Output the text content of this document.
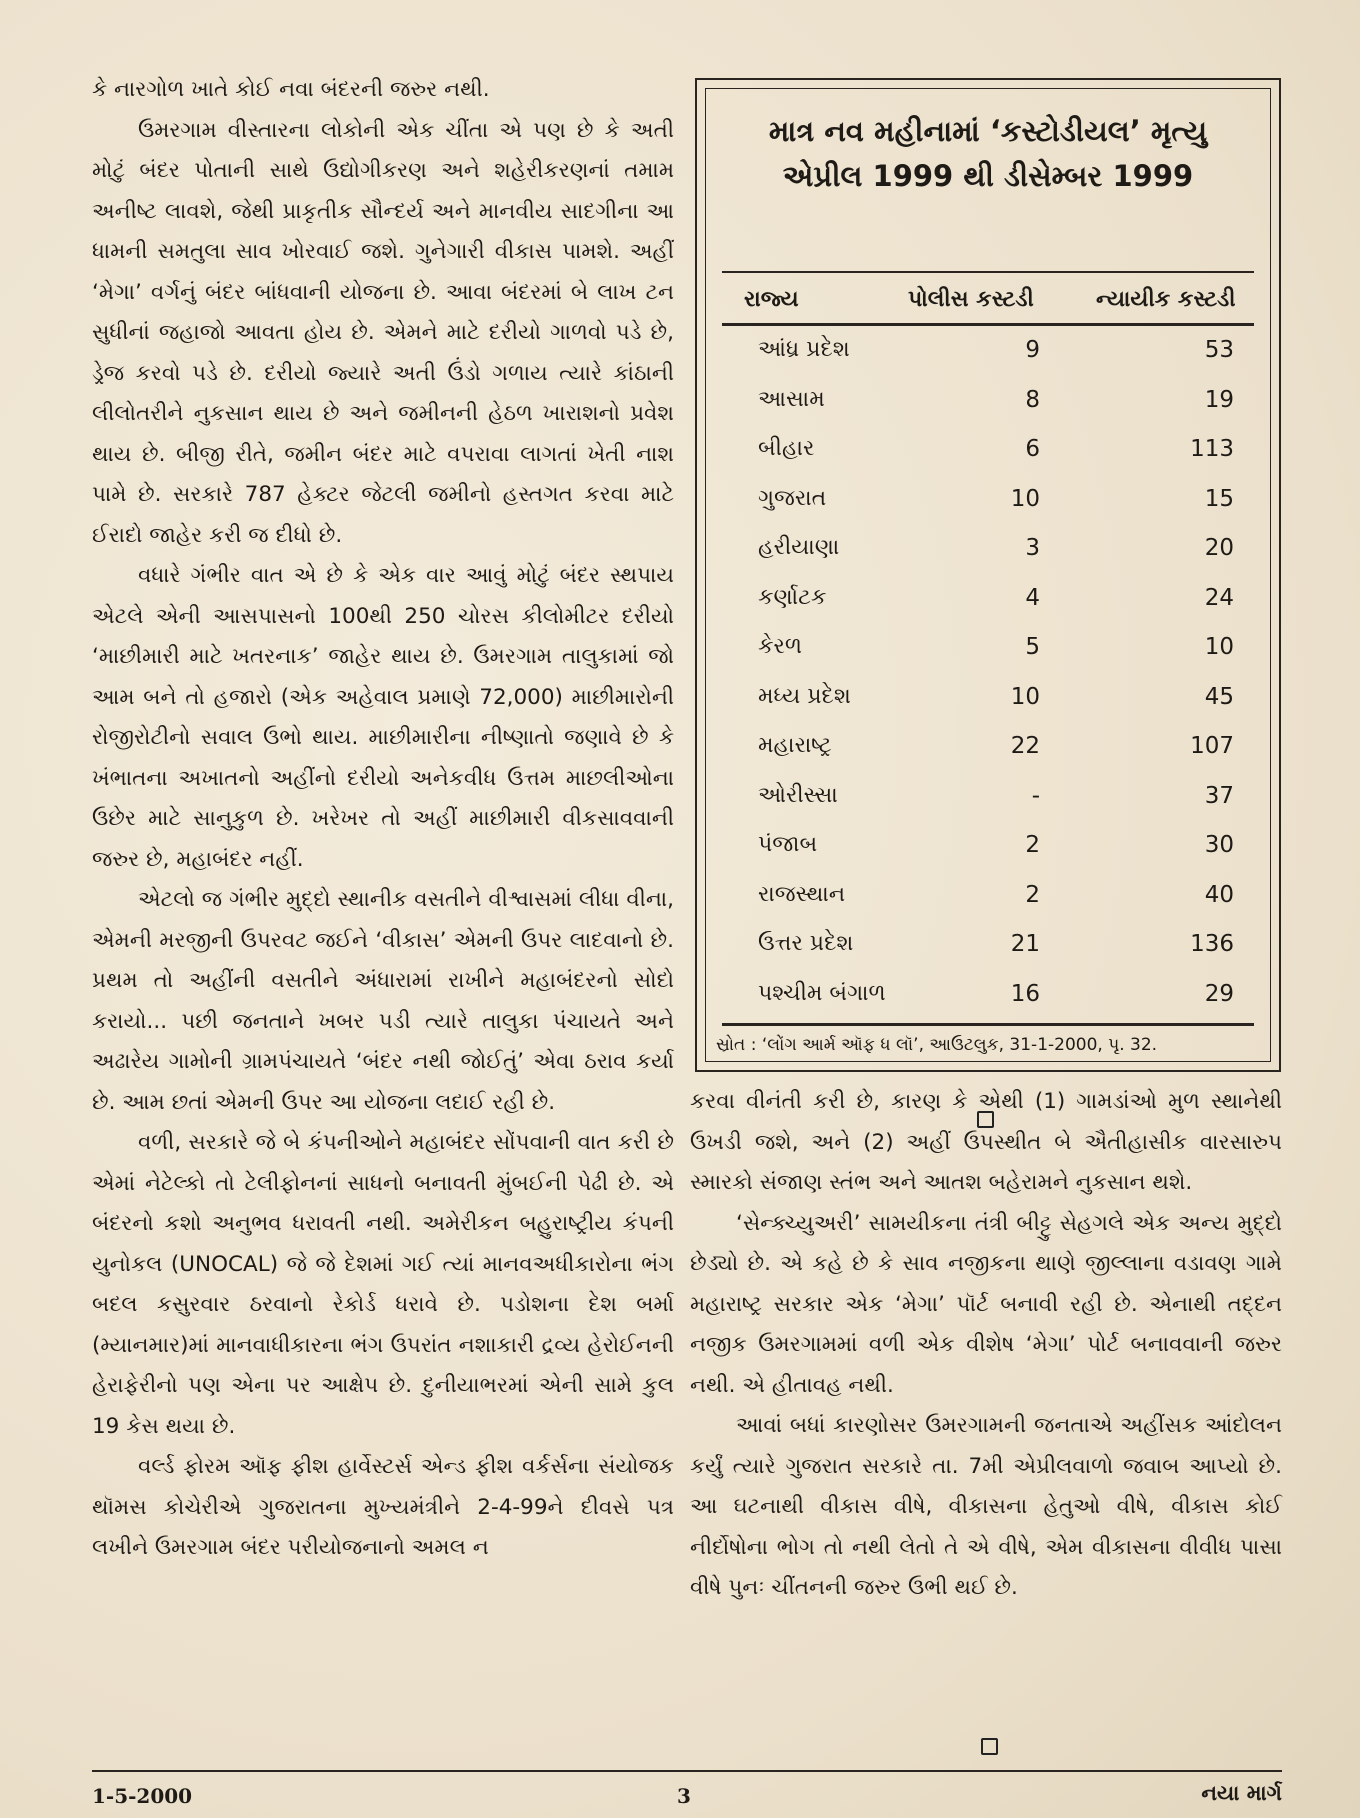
કે નારગોળ ખાતે કોઈ નવા બંદરની જરુર નથી.

ઉમરગામ વીસ્તારના લોકોની એક ચીંતા એ પણ છે કે અતી મોટું બંદર પોતાની સાથે ઉદ્યોગીકરણ અને શહેરીકરણનાં તમામ અનીષ્ટ લાવશે, જેથી પ્રાકૃતીક સૌન્દર્ય અને માનવીય સાદગીના આ ધામની સમતુલા સાવ ખોરવાઈ જશે. ગુનેગારી વીકાસ પામશે. અહીં ‘મેગા’ વર્ગનું બંદર બાંધવાની યોજના છે. આવા બંદરમાં બે લાખ ટન સુધીનાં જહાજો આવતા હોય છે. એમને માટે દરીયો ગાળવો પડે છે, ડ્રેજ કરવો પડે છે. દરીયો જ્યારે અતી ઉંડો ગળાય ત્યારે કાંઠાની લીલોતરીને નુકસાન થાય છે અને જમીનની હેઠળ ખારાશનો પ્રવેશ થાય છે. બીજી રીતે, જમીન બંદર માટે વપરાવા લાગતાં ખેતી નાશ પામે છે. સરકારે 787 હેક્ટર જેટલી જમીનો હસ્તગત કરવા માટે ઈરાદો જાહેર કરી જ દીધો છે.

વધારે ગંભીર વાત એ છે કે એક વાર આવું મોટું બંદર સ્થપાય એટલે એની આસપાસનો 100થી 250 ચોરસ કીલોમીટર દરીયો ‘માછીમારી માટે ખતરનાક’ જાહેર થાય છે. ઉમરગામ તાલુકામાં જો આમ બને તો હજારો (એક અહેવાલ પ્રમાણે 72,000) માછીમારોની રોજીરોટીનો સવાલ ઉભો થાય. માછીમારીના નીષ્ણાતો જણાવે છે કે ખંભાતના અખાતનો અહીંનો દરીયો અનેકવીધ ઉત્તમ માછલીઓના ઉછેર માટે સાનુકુળ છે. ખરેખર તો અહીં માછીમારી વીકસાવવાની જરુર છે, મહાબંદર નહીં.

એટલો જ ગંભીર મુદ્દો સ્થાનીક વસતીને વીશ્વાસમાં લીધા વીના, એમની મરજીની ઉપરવટ જઈને ‘વીકાસ’ એમની ઉપર લાદવાનો છે. પ્રથમ તો અહીંની વસતીને અંધારામાં રાખીને મહાબંદરનો સોદો કરાયો... પછી જનતાને ખબર પડી ત્યારે તાલુકા પંચાયતે અને અઢારેય ગામોની ગ્રામપંચાયતે ‘બંદર નથી જોઈતું’ એવા ઠરાવ કર્યા છે. આમ છતાં એમની ઉપર આ યોજના લદાઈ રહી છે.

વળી, સરકારે જે બે કંપનીઓને મહાબંદર સોંપવાની વાત કરી છે એમાં નેટેલ્કો તો ટેલીફોનનાં સાધનો બનાવતી મુંબઈની પેઢી છે. એ બંદરનો કશો અનુભવ ધરાવતી નથી. અમેરીકન બહુરાષ્ટ્રીય કંપની યુનોકલ (UNOCAL) જે જે દેશમાં ગઈ ત્યાં માનવઅધીકારોના ભંગ બદલ કસુરવાર ઠરવાનો રેકોર્ડ ધરાવે છે. પડોશના દેશ બર્મા (મ્યાનમાર)માં માનવાધીકારના ભંગ ઉપરાંત નશાકારી દ્રવ્ય હેરોઈનની હેરાફેરીનો પણ એના પર આક્ષેપ છે. દુનીયાભરમાં એની સામે કુલ 19 કેસ થયા છે.

વર્લ્ડ ફોરમ ઑફ ફીશ હાર્વેસ્ટર્સ એન્ડ ફીશ વર્કર્સના સંયોજક થૉમસ કોચેરીએ ગુજરાતના મુખ્યમંત્રીને 2-4-99ને દીવસે પત્ર લખીને ઉમરગામ બંદર પરીયોજનાનો અમલ ન

માત્ર નવ મહીનામાં ‘કસ્ટોડીયલ’ મૃત્યુ
એપ્રીલ 1999 થી ડીસેમ્બર 1999
રાજ્ય	પોલીસ કસ્ટડી	ન્યાયીક કસ્ટડી
આંધ્ર પ્રદેશ	9	53
આસામ	8	19
બીહાર	6	113
ગુજરાત	10	15
હરીયાણા	3	20
કર્ણાટક	4	24
કેરળ	5	10
મધ્ય પ્રદેશ	10	45
મહારાષ્ટ્ર	22	107
ઓરીસ્સા	-	37
પંજાબ	2	30
રાજસ્થાન	2	40
ઉત્તર પ્રદેશ	21	136
પશ્ચીમ બંગાળ	16	29
સ્રોત : ‘લોંગ આર્મ ઑફ ધ લૉ’, આઉટલુક, 31-1-2000, પૃ. 32.

કરવા વીનંતી કરી છે, કારણ કે એથી (1) ગામડાંઓ મુળ સ્થાનેથી ઉખડી જશે, અને (2) અહીં ઉપસ્થીત બે ઐતીહાસીક વારસારુપ સ્મારકો સંજાણ સ્તંભ અને આતશ બહેરામને નુકસાન થશે.

‘સેન્ક્ચ્યુઅરી’ સામયીકના તંત્રી બીટ્ટુ સેહગલે એક અન્ય મુદ્દો છેડ્યો છે. એ કહે છે કે સાવ નજીકના થાણે જીલ્લાના વડાવણ ગામે મહારાષ્ટ્ર સરકાર એક ‘મેગા’ પૉર્ટ બનાવી રહી છે. એનાથી તદ્દન નજીક ઉમરગામમાં વળી એક વીશેષ ‘મેગા’ પોર્ટ બનાવવાની જરુર નથી. એ હીતાવહ નથી.

આવાં બધાં કારણોસર ઉમરગામની જનતાએ અહીંસક આંદોલન કર્યું ત્યારે ગુજરાત સરકારે તા. 7મી એપ્રીલવાળો જવાબ આપ્યો છે. આ ઘટનાથી વીકાસ વીષે, વીકાસના હેતુઓ વીષે, વીકાસ કોઈ નીર્દોષોના ભોગ તો નથી લેતો તે એ વીષે, એમ વીકાસના વીવીધ પાસા વીષે પુનઃ ચીંતનની જરુર ઉભી થઈ છે.

1-5-2000	3	નયા માર્ગ
